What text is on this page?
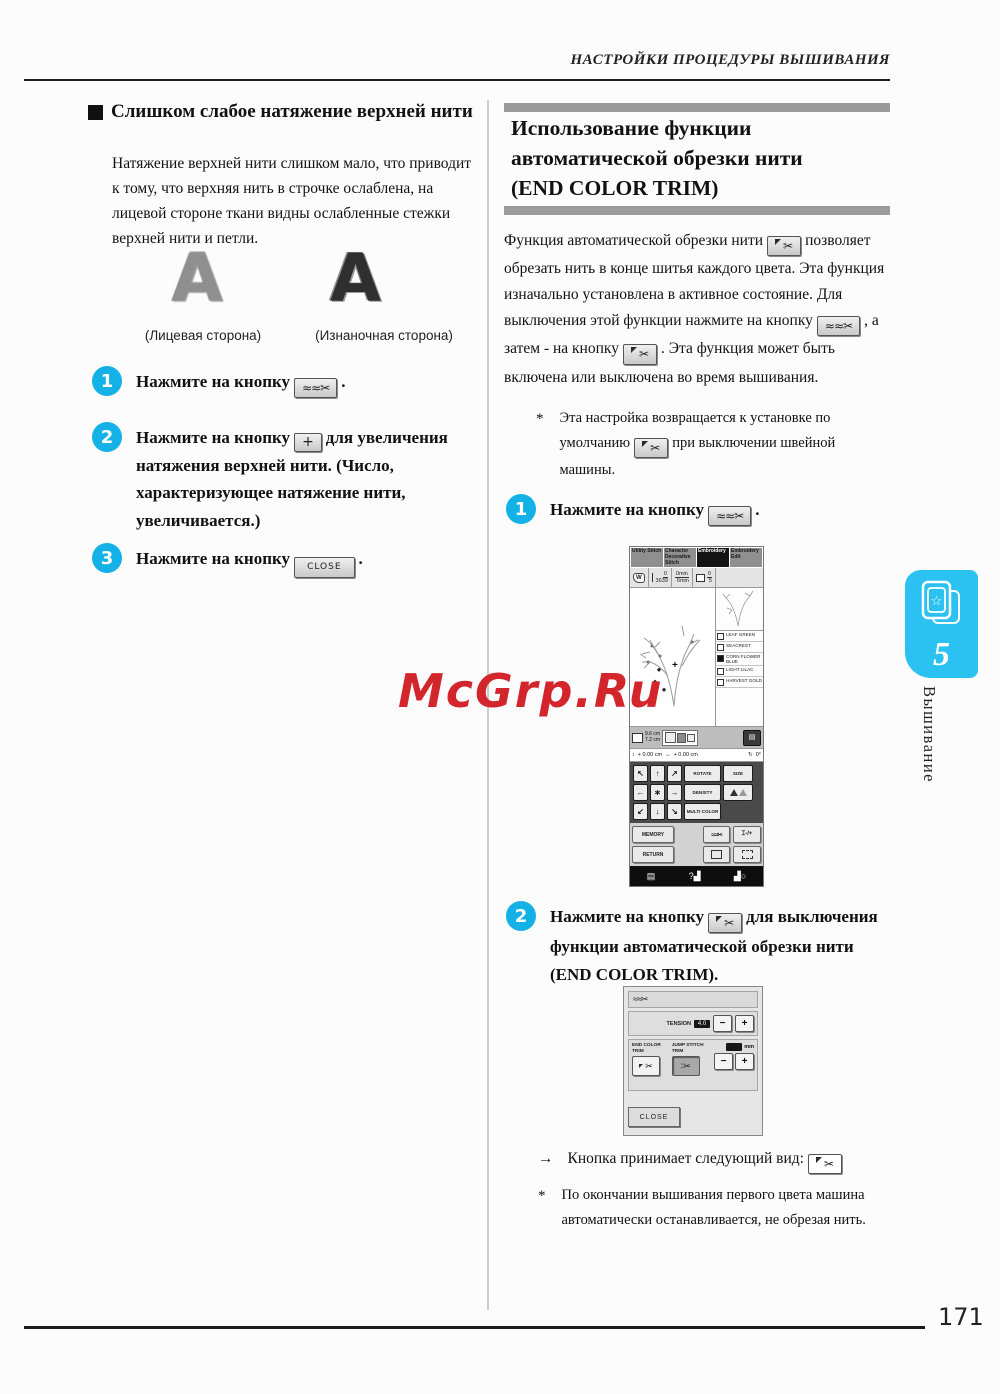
НАСТРОЙКИ ПРОЦЕДУРЫ ВЫШИВАНИЯ
Слишком слабое натяжение верхней нити
Натяжение верхней нити слишком мало, что приводит к тому, что верхняя нить в строчке ослаблена, на лицевой стороне ткани видны ослабленные стежки верхней нити и петли.
A A
(Лицевая сторона)	(Изнаночная сторона)
1	Нажмите на кнопку ≈≈✂ .
2	Нажмите на кнопку + для увеличения натяжения верхней нити. (Число, характеризующее натяжение нити, увеличивается.)
3	Нажмите на кнопку CLOSE .
Использование функции
автоматической обрезки нити
(END COLOR TRIM)
Функция автоматической обрезки нити ✂ позволяет обрезать нить в конце шитья каждого цвета. Эта функция изначально установлена в активное состояние. Для выключения этой функции нажмите на кнопку ≈≈✂ , а затем - на кнопку ✂ . Эта функция может быть включена или выключена во время вышивания.
* Эта настройка возвращается к установке по умолчанию ✂ при выключении швейной машины.
1	Нажмите на кнопку ≈≈✂ .
Utility Stitch Character Decorative Stitch
Embroidery	Embroidery Edit
W	$\frac{0}{3639} \frac{0\min}{6\min}$	$\frac{0}{5}$
+
LEAF GREEN
SEACREST
CORN FLOWER BLUE
LIGHT LILAC
HARVEST GOLD
9.6 cm
7.2 cm	▤
↕ + 0.00 cm ↔ + 0.00 cm	↻ 0°
↖	↑	↗	ROTATE	SIZE
←	∗	→	DENSITY
↙	↓	↘	MULTI COLOR
MEMORY	≈≈✂	⌶-/+
RETURN
▤	?▟	▟○
2	Нажмите на кнопку ✂ для выключения функции автоматической обрезки нити (END COLOR TRIM).
≈≈✂
TENSION	4.0	−	+
END COLOR TRIM
✂
JUMP STITCH TRIM
∶✂

mm
−	+
CLOSE
→ Кнопка принимает следующий вид: ✂
* По окончании вышивания первого цвета машина автоматически останавливается, не обрезая нить.
☆
5
Вышивание
McGrp.Ru
171
